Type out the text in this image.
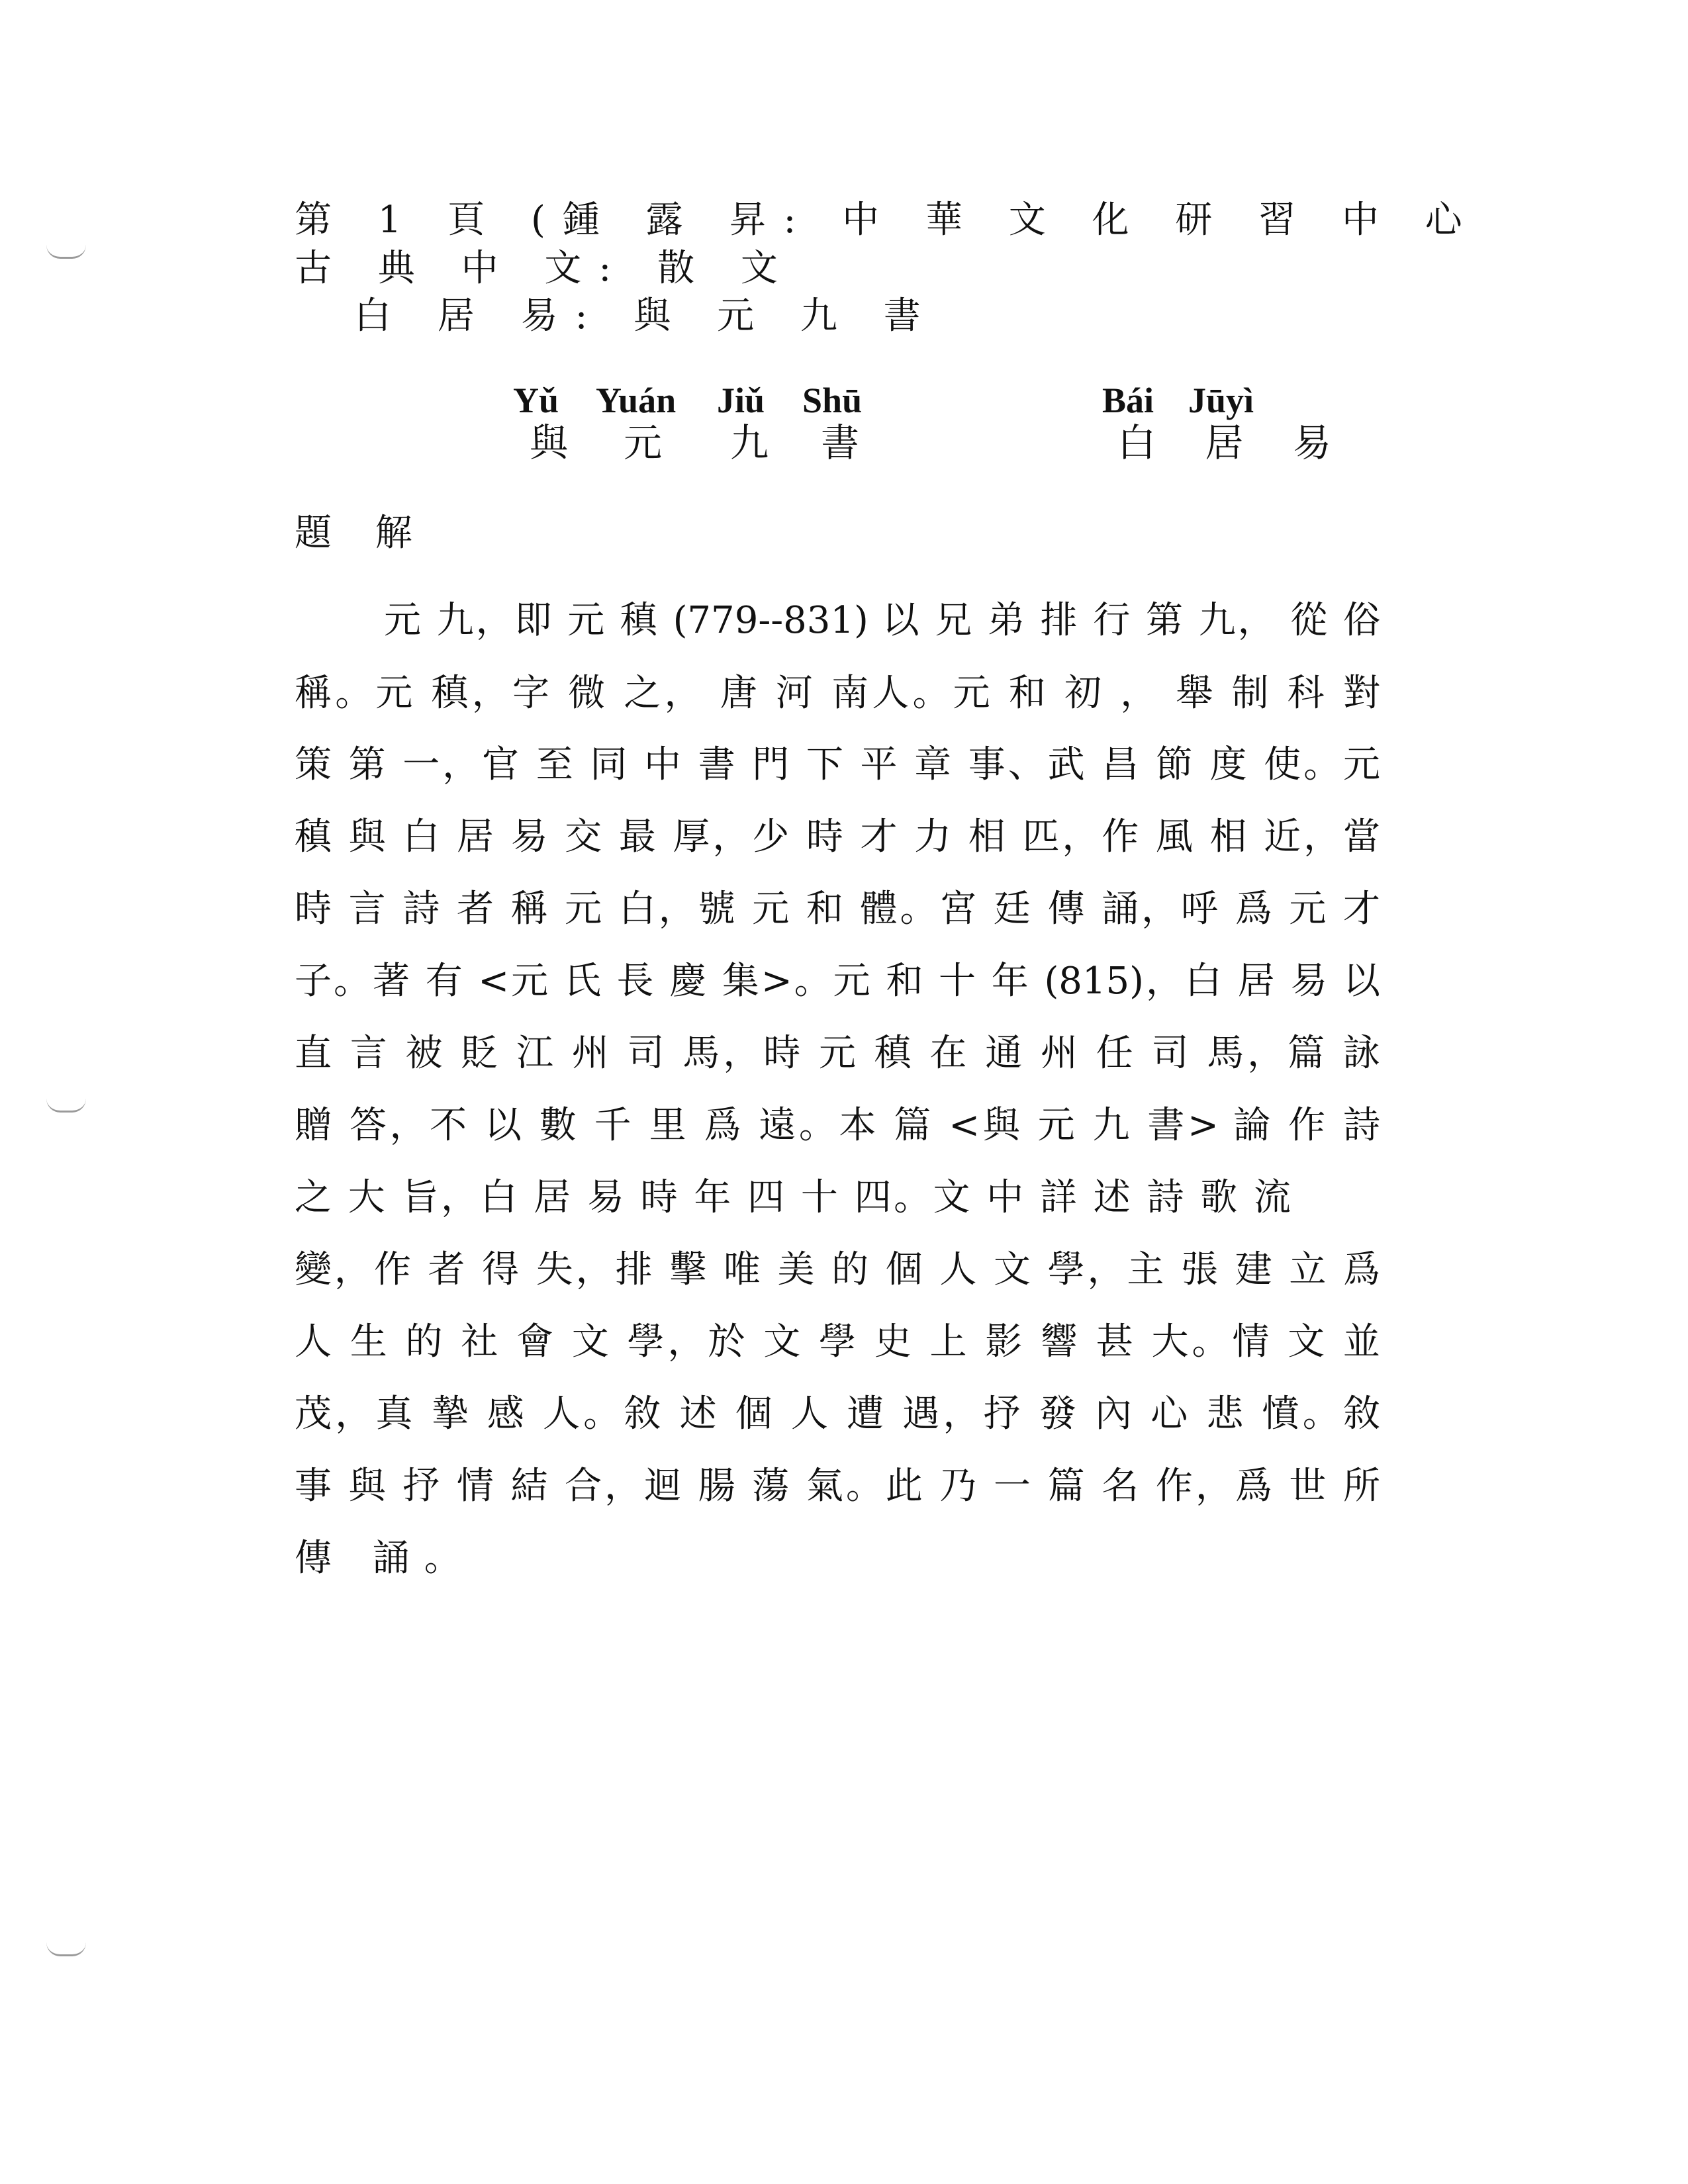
第 1 頁 (鍾 露 昇: 中 華 文 化 研 習 中 心
古 典 中 文: 散 文
白 居 易: 與 元 九 書
Yǔ Yuán Jiǔ Shū
與 元 九 書
Bái Jūyì
白 居 易
題 解
元 九，即 元 稹 (779--831) 以 兄 弟 排 行 第 九， 從 俗
稱。元 稹，字 微 之， 唐 河 南人。元 和 初 ， 舉 制 科 對
策 第 一，官 至 同 中 書 門 下 平 章 事、武 昌 節 度 使。元
稹 與 白 居 易 交 最 厚，少 時 才 力 相 匹，作 風 相 近，當
時 言 詩 者 稱 元 白，號 元 和 體。宮 廷 傳 誦，呼 爲 元 才
子。著 有 <元 氏 長 慶 集>。元 和 十 年 (815)，白 居 易 以
直 言 被 貶 江 州 司 馬，時 元 稹 在 通 州 任 司 馬，篇 詠
贈 答，不 以 數 千 里 爲 遠。本 篇 <與 元 九 書> 論 作 詩
之 大 旨，白 居 易 時 年 四 十 四。文 中 詳 述 詩 歌 流
變，作 者 得 失，排 擊 唯 美 的 個 人 文 學，主 張 建 立 爲
人 生 的 社 會 文 學，於 文 學 史 上 影 響 甚 大。情 文 並
茂，真 摯 感 人。敘 述 個 人 遭 遇，抒 發 內 心 悲 憤。敘
事 與 抒 情 結 合，迴 腸 蕩 氣。此 乃 一 篇 名 作，爲 世 所
傳 誦。
